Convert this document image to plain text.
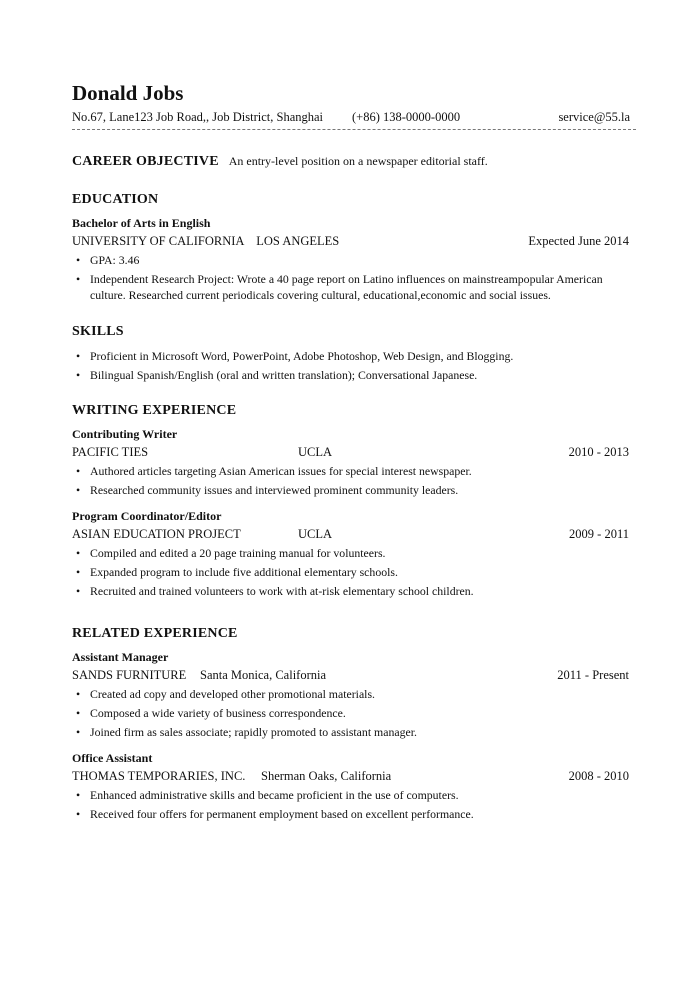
Donald Jobs
No.67, Lane123 Job Road,, Job District, Shanghai (+86) 138-0000-0000	service@55.la
CAREER OBJECTIVE An entry-level position on a newspaper editorial staff.
EDUCATION
Bachelor of Arts in English
UNIVERSITY OF CALIFORNIA    LOS ANGELES	Expected June 2014
• GPA: 3.46
• Independent Research Project: Wrote a 40 page report on Latino influences on mainstreampopular American culture. Researched current periodicals covering cultural, educational,economic and social issues.
SKILLS
• Proficient in Microsoft Word, PowerPoint, Adobe Photoshop, Web Design, and Blogging.
• Bilingual Spanish/English (oral and written translation); Conversational Japanese.
WRITING EXPERIENCE
Contributing Writer
PACIFIC TIES	UCLA	2010 - 2013
• Authored articles targeting Asian American issues for special interest newspaper.
• Researched community issues and interviewed prominent community leaders.
Program Coordinator/Editor
ASIAN EDUCATION PROJECT	UCLA	2009 - 2011
• Compiled and edited a 20 page training manual for volunteers.
• Expanded program to include five additional elementary schools.
• Recruited and trained volunteers to work with at-risk elementary school children.
RELATED EXPERIENCE
Assistant Manager
SANDS FURNITURE Santa Monica, California	2011 - Present
• Created ad copy and developed other promotional materials.
• Composed a wide variety of business correspondence.
• Joined firm as sales associate; rapidly promoted to assistant manager.
Office Assistant
THOMAS TEMPORARIES, INC. Sherman Oaks, California	2008 - 2010
• Enhanced administrative skills and became proficient in the use of computers.
• Received four offers for permanent employment based on excellent performance.
